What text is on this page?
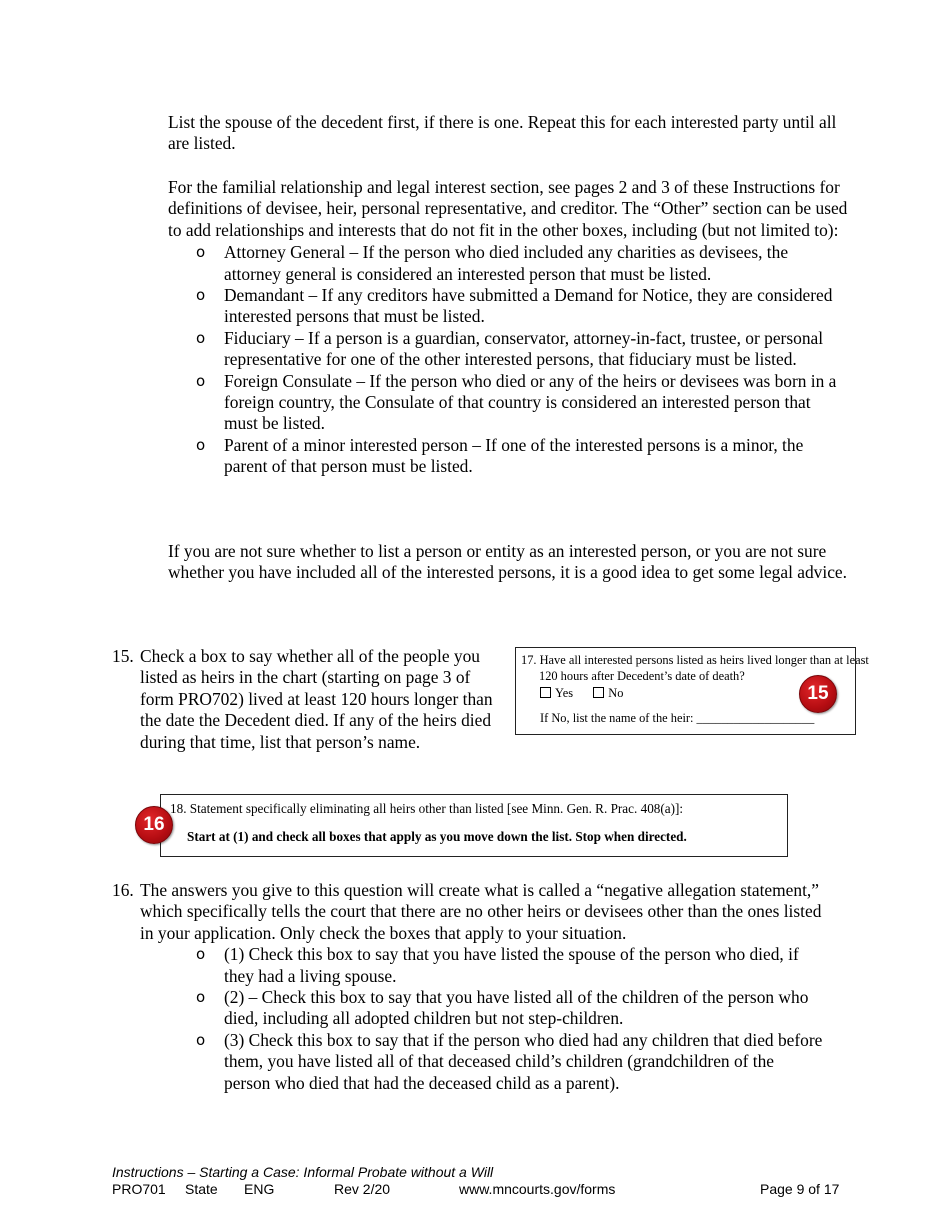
List the spouse of the decedent first, if there is one. Repeat this for each interested party until all are listed.

For the familial relationship and legal interest section, see pages 2 and 3 of these Instructions for definitions of devisee, heir, personal representative, and creditor. The “Other” section can be used to add relationships and interests that do not fit in the other boxes, including (but not limited to):

o Attorney General – If the person who died included any charities as devisees, the attorney general is considered an interested person that must be listed.
o Demandant – If any creditors have submitted a Demand for Notice, they are considered interested persons that must be listed.
o Fiduciary – If a person is a guardian, conservator, attorney-in-fact, trustee, or personal representative for one of the other interested persons, that fiduciary must be listed.
o Foreign Consulate – If the person who died or any of the heirs or devisees was born in a foreign country, the Consulate of that country is considered an interested person that must be listed.
o Parent of a minor interested person – If one of the interested persons is a minor, the parent of that person must be listed.

If you are not sure whether to list a person or entity as an interested person, or you are not sure whether you have included all of the interested persons, it is a good idea to get some legal advice.

15. Check a box to say whether all of the people you listed as heirs in the chart (starting on page 3 of form PRO702) lived at least 120 hours longer than the date the Decedent died. If any of the heirs died during that time, list that person’s name.

17. Have all interested persons listed as heirs lived longer than at least 120 hours after Decedent’s date of death?
Yes	No
If No, list the name of the heir: ___________________
15
18. Statement specifically eliminating all heirs other than listed [see Minn. Gen. R. Prac. 408(a)]:
Start at (1) and check all boxes that apply as you move down the list. Stop when directed.
16
16. The answers you give to this question will create what is called a “negative allegation statement,” which specifically tells the court that there are no other heirs or devisees other than the ones listed in your application. Only check the boxes that apply to your situation.

o (1) Check this box to say that you have listed the spouse of the person who died, if they had a living spouse.
o (2) – Check this box to say that you have listed all of the children of the person who died, including all adopted children but not step-children.
o (3) Check this box to say that if the person who died had any children that died before them, you have listed all of that deceased child’s children (grandchildren of the person who died that had the deceased child as a parent).
Instructions – Starting a Case: Informal Probate without a Will
PRO701 State ENG	Rev 2/20	www.mncourts.gov/forms	Page 9 of 17
